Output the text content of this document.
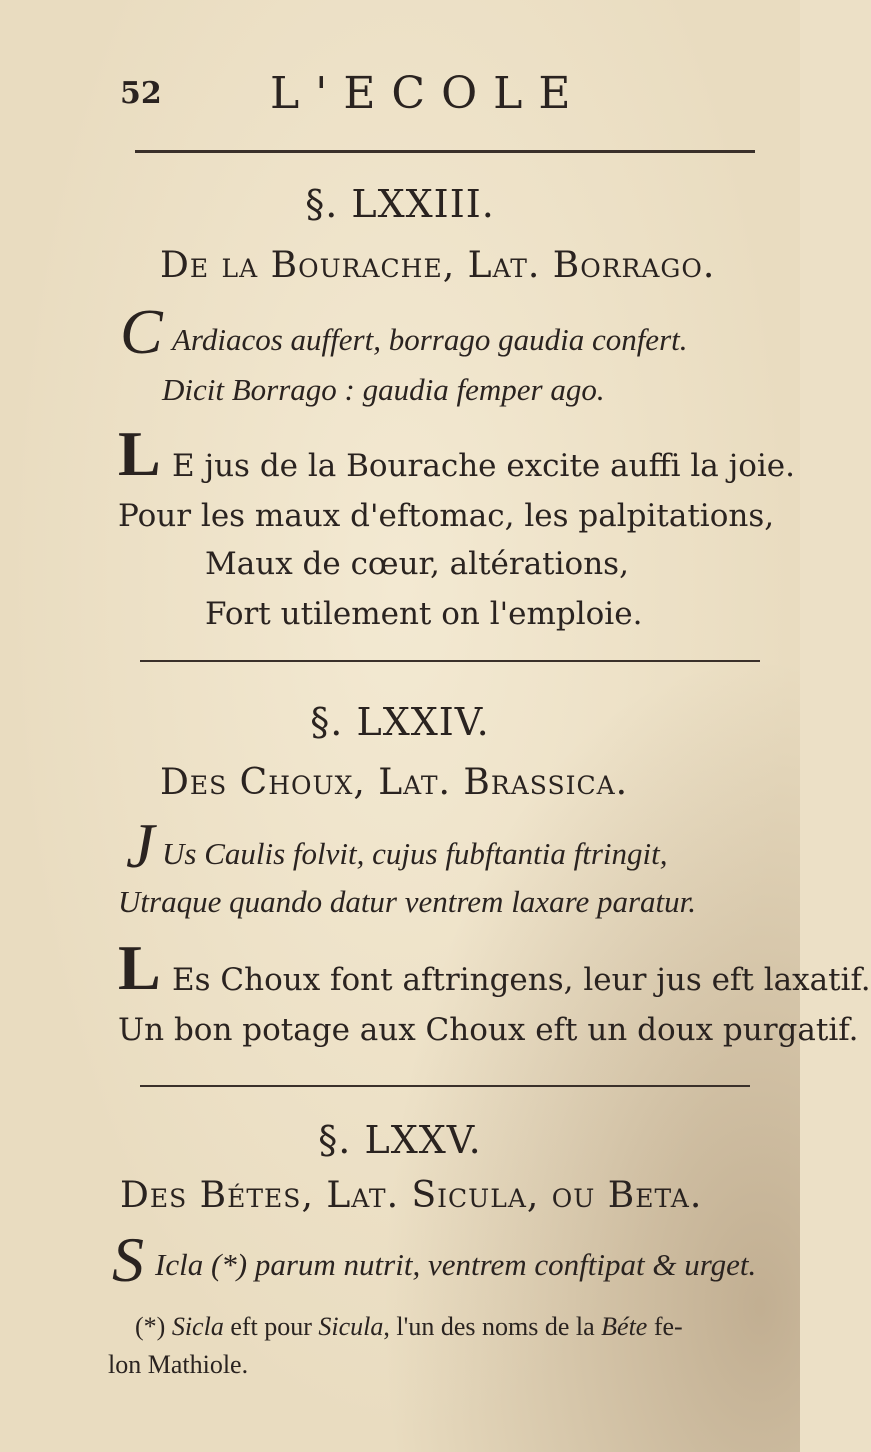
52 L'ECOLE
§. LXXIII.
De la Bourache, Lat. Borrago.
C Ardiacos auffert, borrago gaudia confert.
Dicit Borrago : gaudia femper ago.
L E jus de la Bourache excite auffi la joie.
Pour les maux d'eftomac, les palpitations,
Maux de cœur, altérations,
Fort utilement on l'emploie.
§. LXXIV.
Des Choux, Lat. Brassica.
J Us Caulis folvit, cujus fubftantia ftringit,
Utraque quando datur ventrem laxare paratur.
L Es Choux font aftringens, leur jus eft laxatif.
Un bon potage aux Choux eft un doux purgatif.
§. LXXV.
Des Bétes, Lat. Sicula, ou Beta.
S Icla (*) parum nutrit, ventrem conftipat & urget.
(*) Sicla eft pour Sicula, l'un des noms de la Béte fe-
lon Mathiole.
